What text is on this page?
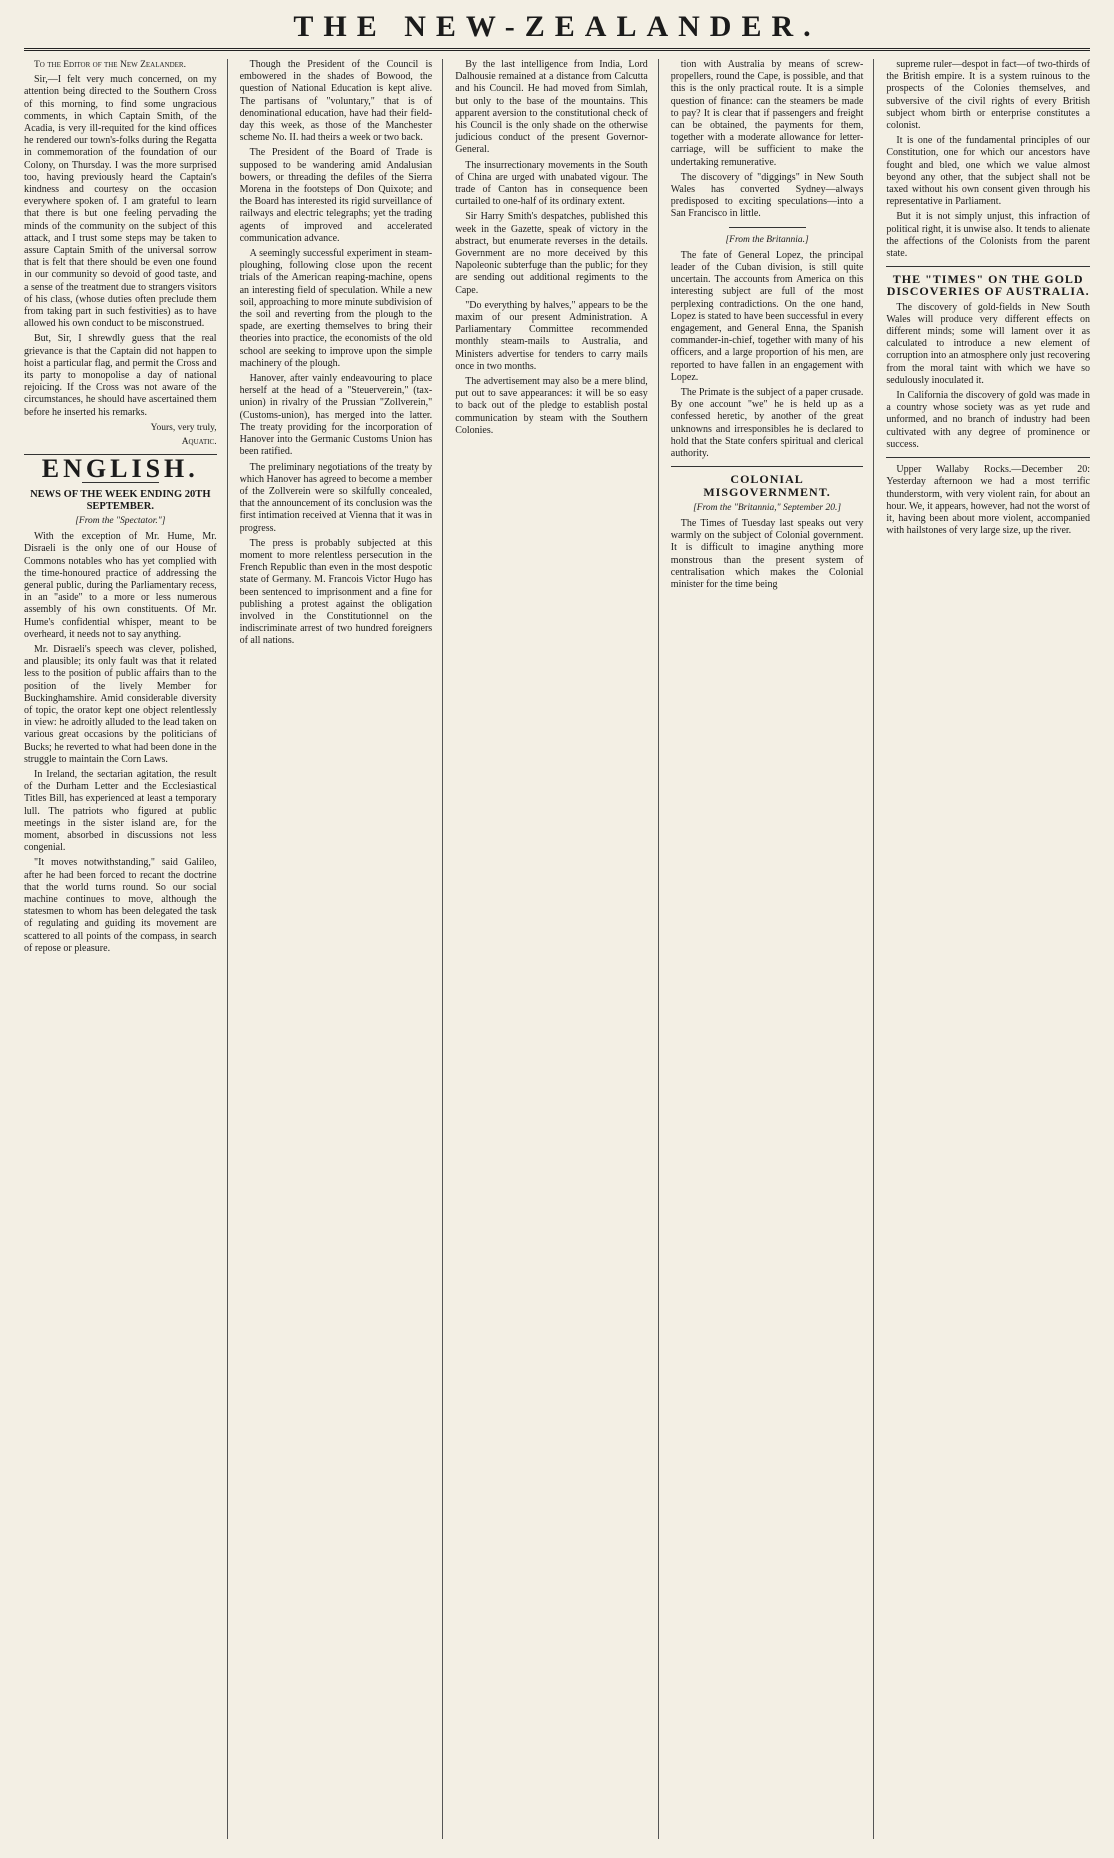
THE NEW-ZEALANDER.

To the Editor of the New Zealander.

Sir,—I felt very much concerned, on my attention being directed to the Southern Cross of this morning, to find some ungracious comments, in which Captain Smith, of the Acadia, is very ill-requited for the kind offices he rendered our town's-folks during the Regatta in commemoration of the foundation of our Colony, on Thursday. I was the more surprised too, having previously heard the Captain's kindness and courtesy on the occasion everywhere spoken of. I am grateful to learn that there is but one feeling pervading the minds of the community on the subject of this attack, and I trust some steps may be taken to assure Captain Smith of the universal sorrow that is felt that there should be even one found in our community so devoid of good taste, and a sense of the treatment due to strangers visitors of his class, (whose duties often preclude them from taking part in such festivities) as to have allowed his own conduct to be misconstrued.

But, Sir, I shrewdly guess that the real grievance is that the Captain did not happen to hoist a particular flag, and permit the Cross and its party to monopolise a day of national rejoicing. If the Cross was not aware of the circumstances, he should have ascertained them before he inserted his remarks.

Yours, very truly,
Aquatic.
ENGLISH.
NEWS OF THE WEEK ENDING 20TH SEPTEMBER.
[From the "Spectator."]

With the exception of Mr. Hume, Mr. Disraeli is the only one of our House of Commons notables who has yet complied with the time-honoured practice of addressing the general public, during the Parliamentary recess, in an "aside" to a more or less numerous assembly of his own constituents. Of Mr. Hume's confidential whisper, meant to be overheard, it needs not to say anything.

Mr. Disraeli's speech was clever, polished, and plausible; its only fault was that it related less to the position of public affairs than to the position of the lively Member for Buckinghamshire. Amid considerable diversity of topic, the orator kept one object relentlessly in view: he adroitly alluded to the lead taken on various great occasions by the politicians of Bucks; he reverted to what had been done in the struggle to maintain the Corn Laws.

In Ireland, the sectarian agitation, the result of the Durham Letter and the Ecclesiastical Titles Bill, has experienced at least a temporary lull. The patriots who figured at public meetings in the sister island are, for the moment, absorbed in discussions not less congenial.

"It moves notwithstanding," said Galileo, after he had been forced to recant the doctrine that the world turns round. So our social machine continues to move, although the statesmen to whom has been delegated the task of regulating and guiding its movement are scattered to all points of the compass, in search of repose or pleasure.

Though the President of the Council is embowered in the shades of Bowood, the question of National Education is kept alive. The partisans of "voluntary," that is of denominational education, have had their field-day this week, as those of the Manchester scheme No. II. had theirs a week or two back.

The President of the Board of Trade is supposed to be wandering amid Andalusian bowers, or threading the defiles of the Sierra Morena in the footsteps of Don Quixote; and the Board has interested its rigid surveillance of railways and electric telegraphs; yet the trading agents of improved and accelerated communication advance.

A seemingly successful experiment in steam-ploughing, following close upon the recent trials of the American reaping-machine, opens an interesting field of speculation. While a new soil, approaching to more minute subdivision of the soil and reverting from the plough to the spade, are exerting themselves to bring their theories into practice, the economists of the old school are seeking to improve upon the simple machinery of the plough.

Hanover, after vainly endeavouring to place herself at the head of a "Steuerverein," (tax-union) in rivalry of the Prussian "Zollverein," (Customs-union), has merged into the latter. The treaty providing for the incorporation of Hanover into the Germanic Customs Union has been ratified.

The preliminary negotiations of the treaty by which Hanover has agreed to become a member of the Zollverein were so skilfully concealed, that the announcement of its conclusion was the first intimation received at Vienna that it was in progress.

The press is probably subjected at this moment to more relentless persecution in the French Republic than even in the most despotic state of Germany. M. Francois Victor Hugo has been sentenced to imprisonment and a fine for publishing a protest against the obligation involved in the Constitutionnel on the indiscriminate arrest of two hundred foreigners of all nations.

By the last intelligence from India, Lord Dalhousie remained at a distance from Calcutta and his Council. He had moved from Simlah, but only to the base of the mountains. This apparent aversion to the constitutional check of his Council is the only shade on the otherwise judicious conduct of the present Governor-General.

The insurrectionary movements in the South of China are urged with unabated vigour. The trade of Canton has in consequence been curtailed to one-half of its ordinary extent.

Sir Harry Smith's despatches, published this week in the Gazette, speak of victory in the abstract, but enumerate reverses in the details. Government are no more deceived by this Napoleonic subterfuge than the public; for they are sending out additional regiments to the Cape.

"Do everything by halves," appears to be the maxim of our present Administration. A Parliamentary Committee recommended monthly steam-mails to Australia, and Ministers advertise for tenders to carry mails once in two months.

The advertisement may also be a mere blind, put out to save appearances: it will be so easy to back out of the pledge to establish postal communication by steam with the Southern Colonies.

tion with Australia by means of screw-propellers, round the Cape, is possible, and that this is the only practical route. It is a simple question of finance: can the steamers be made to pay? It is clear that if passengers and freight can be obtained, the payments for them, together with a moderate allowance for letter-carriage, will be sufficient to make the undertaking remunerative.

The discovery of "diggings" in New South Wales has converted Sydney—always predisposed to exciting speculations—into a San Francisco in little.

[From the Britannia.]

The fate of General Lopez, the principal leader of the Cuban division, is still quite uncertain. The accounts from America on this interesting subject are full of the most perplexing contradictions. On the one hand, Lopez is stated to have been successful in every engagement, and General Enna, the Spanish commander-in-chief, together with many of his officers, and a large proportion of his men, are reported to have fallen in an engagement with Lopez.

The Primate is the subject of a paper crusade. By one account "we" he is held up as a confessed heretic, by another of the great unknowns and irresponsibles he is declared to hold that the State confers spiritual and clerical authority.

COLONIAL MISGOVERNMENT.
[From the "Britannia," September 20.]

The Times of Tuesday last speaks out very warmly on the subject of Colonial government. It is difficult to imagine anything more monstrous than the present system of centralisation which makes the Colonial minister for the time being

supreme ruler—despot in fact—of two-thirds of the British empire. It is a system ruinous to the prospects of the Colonies themselves, and subversive of the civil rights of every British subject whom birth or enterprise constitutes a colonist.

It is one of the fundamental principles of our Constitution, one for which our ancestors have fought and bled, one which we value almost beyond any other, that the subject shall not be taxed without his own consent given through his representative in Parliament.

But it is not simply unjust, this infraction of political right, it is unwise also. It tends to alienate the affections of the Colonists from the parent state.

THE "TIMES" ON THE GOLD DISCOVERIES OF AUSTRALIA.

The discovery of gold-fields in New South Wales will produce very different effects on different minds; some will lament over it as calculated to introduce a new element of corruption into an atmosphere only just recovering from the moral taint with which we have so sedulously inoculated it.

In California the discovery of gold was made in a country whose society was as yet rude and unformed, and no branch of industry had been cultivated with any degree of prominence or success.

Upper Wallaby Rocks.—December 20: Yesterday afternoon we had a most terrific thunderstorm, with very violent rain, for about an hour. We, it appears, however, had not the worst of it, having been about more violent, accompanied with hailstones of very large size, up the river.
